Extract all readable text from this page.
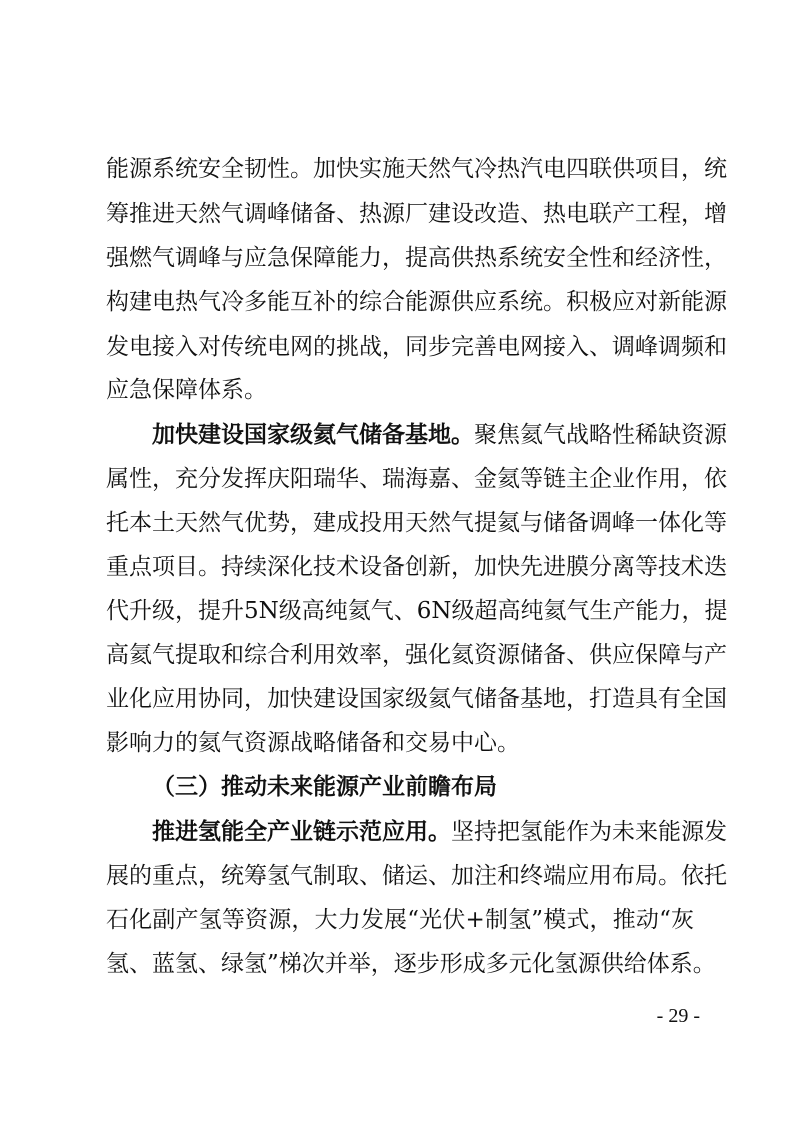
能源系统安全韧性。加快实施天然气冷热汽电四联供项目，统
筹推进天然气调峰储备、热源厂建设改造、热电联产工程，增
强燃气调峰与应急保障能力，提高供热系统安全性和经济性，
构建电热气冷多能互补的综合能源供应系统。积极应对新能源
发电接入对传统电网的挑战，同步完善电网接入、调峰调频和
应急保障体系。
加快建设国家级氦气储备基地。聚焦氦气战略性稀缺资源
属性，充分发挥庆阳瑞华、瑞海嘉、金氦等链主企业作用，依
托本土天然气优势，建成投用天然气提氦与储备调峰一体化等
重点项目。持续深化技术设备创新，加快先进膜分离等技术迭
代升级，提升5N级高纯氦气、6N级超高纯氦气生产能力，提
高氦气提取和综合利用效率，强化氦资源储备、供应保障与产
业化应用协同，加快建设国家级氦气储备基地，打造具有全国
影响力的氦气资源战略储备和交易中心。
（三）推动未来能源产业前瞻布局
推进氢能全产业链示范应用。坚持把氢能作为未来能源发
展的重点，统筹氢气制取、储运、加注和终端应用布局。依托
石化副产氢等资源，大力发展“光伏+制氢”模式，推动“灰
氢、蓝氢、绿氢”梯次并举，逐步形成多元化氢源供给体系。
- 29 -
